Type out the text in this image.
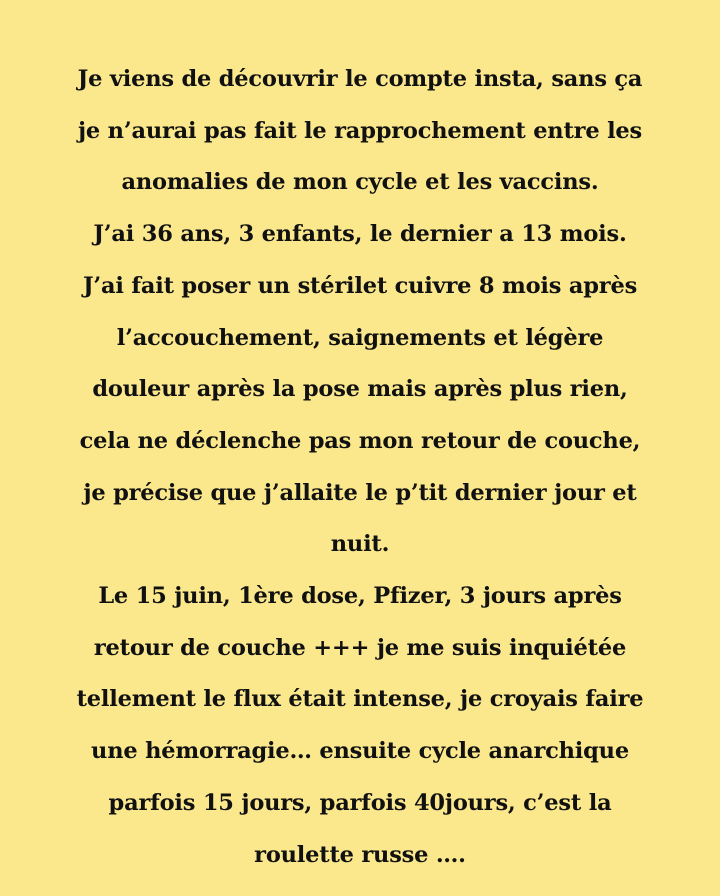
Je viens de découvrir le compte insta, sans ça
je n’aurai pas fait le rapprochement entre les
anomalies de mon cycle et les vaccins.
J’ai 36 ans, 3 enfants, le dernier a 13 mois.
J’ai fait poser un stérilet cuivre 8 mois après
l’accouchement, saignements et légère
douleur après la pose mais après plus rien,
cela ne déclenche pas mon retour de couche,
je précise que j’allaite le p’tit dernier jour et
nuit.
Le 15 juin, 1ère dose, Pfizer, 3 jours après
retour de couche +++ je me suis inquiétée
tellement le flux était intense, je croyais faire
une hémorragie… ensuite cycle anarchique
parfois 15 jours, parfois 40jours, c’est la
roulette russe ….
